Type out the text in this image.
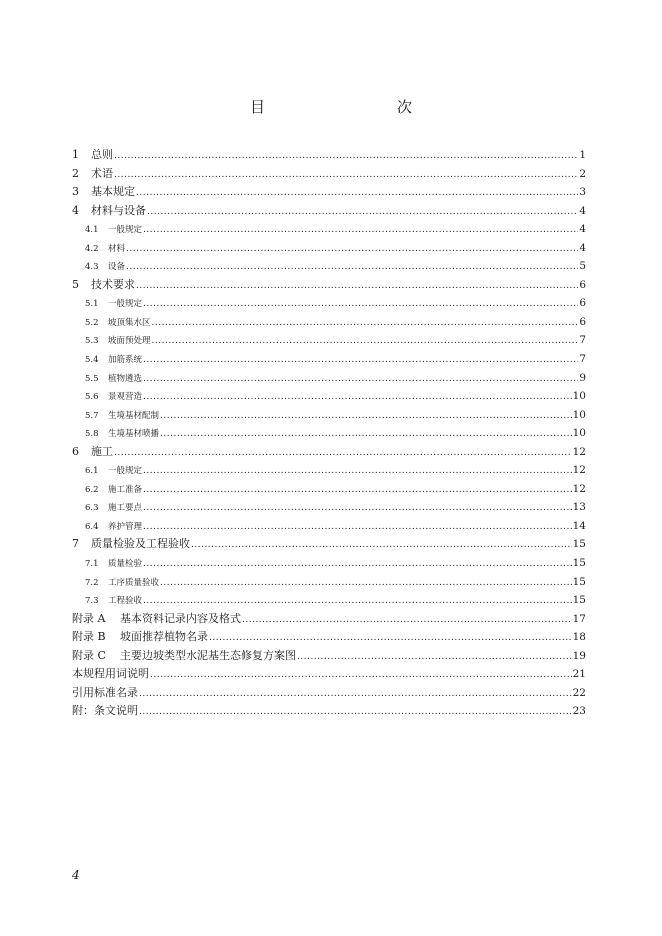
目　　次
1	总则 .....	1
2	术语 .....	2
3	基本规定 .....	3
4	材料与设备 .....	4
4.1	一般规定 .....	4
4.2	材料 .....	4
4.3	设备 .....	5
5	技术要求 .....	6
5.1	一般规定 .....	6
5.2	坡顶集水区 .....	6
5.3	坡面预处理 .....	7
5.4	加筋系统 .....	7
5.5	植物遴选 .....	9
5.6	景观营造 .....	10
5.7	生境基材配制 .....	10
5.8	生境基材喷播 .....	10
6	施工 .....	12
6.1	一般规定 .....	12
6.2	施工准备 .....	12
6.3	施工要点 .....	13
6.4	养护管理 .....	14
7	质量检验及工程验收 .....	15
7.1	质量检验 .....	15
7.2	工序质量验收 .....	15
7.3	工程验收 .....	15
附录 A	基本资料记录内容及格式 .....	17
附录 B	坡面推荐植物名录 .....	18
附录 C	主要边坡类型水泥基生态修复方案图 .....	19
本规程用词说明 .....	21
引用标准名录 .....	22
附：条文说明 .....	23
4
